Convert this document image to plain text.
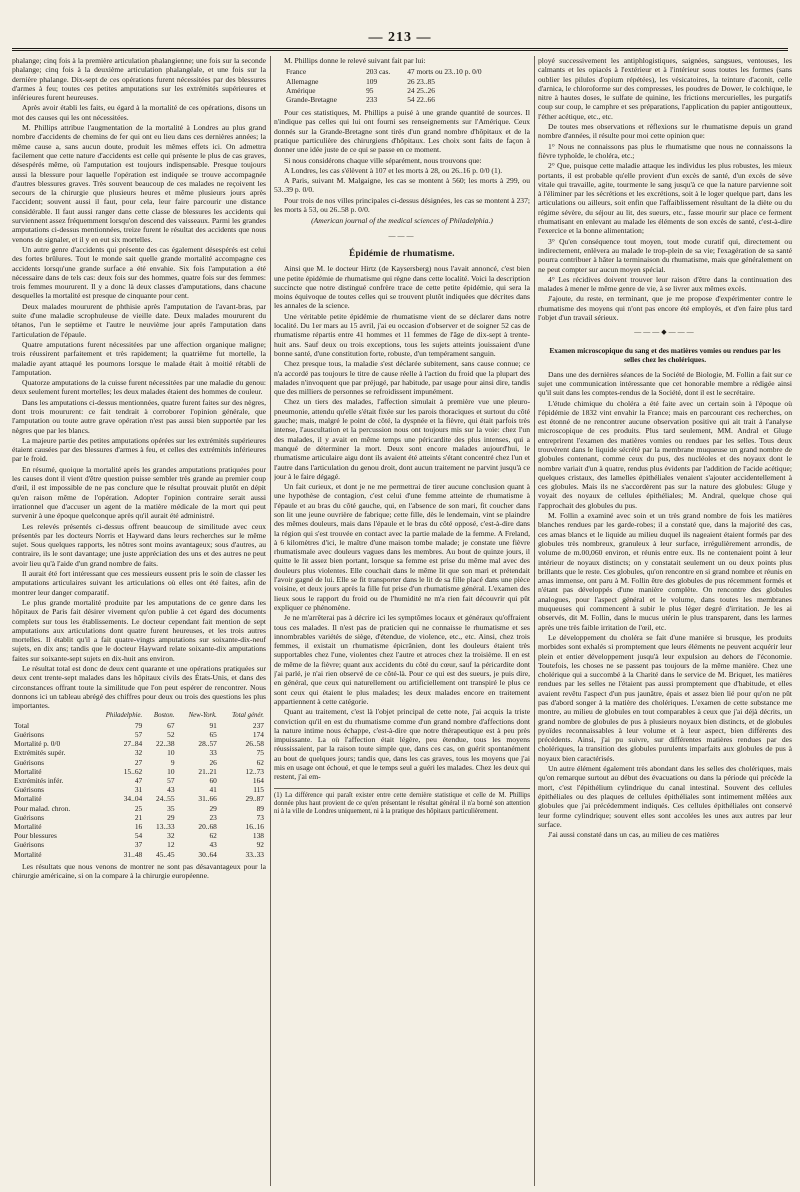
— 213 —

phalange; cinq fois à la première articulation phalangienne; une fois sur la seconde phalange; cinq fois à la deuxième articulation phalangéale, et une fois sur la dernière phalange. Dix-sept de ces opérations furent nécessitées par des blessures d'armes à feu; toutes ces petites amputations sur les extrémités supérieures et inférieures furent heureuses.

Après avoir établi les faits, eu égard à la mortalité de ces opérations, disons un mot des causes qui les ont nécessitées.

M. Phillips attribue l'augmentation de la mortalité à Londres au plus grand nombre d'accidents de chemins de fer qui ont eu lieu dans ces dernières années; la même cause a, sans aucun doute, produit les mêmes effets ici. On admettra facilement que cette nature d'accidents est celle qui présente le plus de cas graves, désespérés même, où l'amputation est toujours indispensable. Presque toujours aussi la blessure pour laquelle l'opération est indiquée se trouve accompagnée d'autres blessures graves. Très souvent beaucoup de ces malades ne reçoivent les secours de la chirurgie que plusieurs heures et même plusieurs jours après l'accident; souvent aussi il faut, pour cela, leur faire parcourir une distance considérable. Il faut aussi ranger dans cette classe de blessures les accidents qui surviennent assez fréquemment lorsqu'on descend des vaisseaux. Parmi les grandes amputations ci-dessus mentionnées, treize furent le résultat des accidents que nous venons de signaler, et il y en eut six mortelles.

Un autre genre d'accidents qui présente des cas également désespérés est celui des fortes brûlures. Tout le monde sait quelle grande mortalité accompagne ces accidents lorsqu'une grande surface a été envahie. Six fois l'amputation a été nécessaire dans de tels cas: deux fois sur des hommes, quatre fois sur des femmes: trois femmes moururent. Il y a donc là deux classes d'amputations, dans chacune desquelles la mortalité est presque de cinquante pour cent.

Deux malades moururent de phthisie après l'amputation de l'avant-bras, par suite d'une maladie scrophuleuse de vieille date. Deux malades moururent du tétanos, l'un le septième et l'autre le neuvième jour après l'amputation dans l'articulation de l'épaule.

Quatre amputations furent nécessitées par une affection organique maligne; trois réussirent parfaitement et très rapidement; la quatrième fut mortelle, la maladie ayant attaqué les poumons lorsque le malade était à moitié rétabli de l'amputation.

Quatorze amputations de la cuisse furent nécessitées par une maladie du genou: deux seulement furent mortelles; les deux malades étaient des hommes de couleur.

Dans les amputations ci-dessus mentionnées, quatre furent faites sur des nègres, dont trois moururent: ce fait tendrait à corroborer l'opinion générale, que l'amputation ou toute autre grave opération n'est pas aussi bien supportée par les nègres que par les blancs.

La majeure partie des petites amputations opérées sur les extrémités supérieures étaient causées par des blessures d'armes à feu, et celles des extrémités inférieures par le froid.

En résumé, quoique la mortalité après les grandes amputations pratiquées pour les causes dont il vient d'être question puisse sembler très grande au premier coup d'œil, il est impossible de ne pas conclure que le résultat prouvait plutôt en dépit qu'en raison même de l'opération. Adopter l'opinion contraire serait aussi irrationnel que d'accuser un agent de la matière médicale de la mort qui peut survenir à une époque quelconque après qu'il aurait été administré.

Les relevés présentés ci-dessus offrent beaucoup de similitude avec ceux présentés par les docteurs Norris et Hayward dans leurs recherches sur le même sujet. Sous quelques rapports, les nôtres sont moins avantageux; sous d'autres, au contraire, ils le sont davantage; une juste appréciation des uns et des autres ne peut avoir lieu qu'à l'aide d'un grand nombre de faits.

Il aurait été fort intéressant que ces messieurs eussent pris le soin de classer les amputations articulaires suivant les articulations où elles ont été faites, afin de montrer leur danger comparatif.

Le plus grande mortalité produite par les amputations de ce genre dans les hôpitaux de Paris fait désirer vivement qu'on publie à cet égard des documents complets sur tous les établissements. Le docteur cependant fait mention de sept amputations aux articulations dont quatre furent heureuses, et les trois autres mortelles. Il établit qu'il a fait quatre-vingts amputations sur soixante-dix-neuf sujets, en dix ans; tandis que le docteur Hayward relate soixante-dix amputations faites sur soixante-sept sujets en dix-huit ans environ.

Le résultat total est donc de deux cent quarante et une opérations pratiquées sur deux cent trente-sept malades dans les hôpitaux civils des États-Unis, et dans des circonstances offrant toute la similitude que l'on peut espérer de rencontrer. Nous donnons ici un tableau abrégé des chiffres pour deux ou trois des questions les plus importantes.

	Philadelphie.	Boston.	New-York.	Total génér.
Total	79	67	91	237
Guérisons	57	52	65	174
Mortalité p. 0/0	27..84	22..38	28..57	26..58
Extrémités supér.	32	10	33	75
Guérisons	27	9	26	62
Mortalité	15..62	10	21..21	12..73
Extrémités infér.	47	57	60	164
Guérisons	31	43	41	115
Mortalité	34..04	24..55	31..66	29..87
Pour malad. chron.	25	35	29	89
Guérisons	21	29	23	73
Mortalité	16	13..33	20..68	16..16
Pour blessures	54	32	62	138
Guérisons	37	12	43	92
Mortalité	31..48	45..45	30..64	33..33

Les résultats que nous venons de montrer ne sont pas désavantageux pour la chirurgie américaine, si on la compare à la chirurgie européenne.

M. Phillips donne le relevé suivant fait par lui:

France	203 cas.	47 morts ou 23..10 p. 0/0
Allemagne	109	26 23..85
Amérique	95	24 25..26
Grande-Bretagne	233	54 22..66

Pour ces statistiques, M. Phillips a puisé à une grande quantité de sources. Il n'indique pas celles qui lui ont fourni ses renseignements sur l'Amérique. Ceux donnés sur la Grande-Bretagne sont tirés d'un grand nombre d'hôpitaux et de la pratique particulière des chirurgiens d'hôpitaux. Les choix sont faits de façon à donner une idée juste de ce qui se passe en ce moment.

Si nous considérons chaque ville séparément, nous trouvons que:

A Londres, les cas s'élèvent à 107 et les morts à 28, ou 26..16 p. 0/0 (1).

A Paris, suivant M. Malgaigne, les cas se montent à 560; les morts à 299, ou 53..39 p. 0/0.

Pour trois de nos villes principales ci-dessus désignées, les cas se montent à 237; les morts à 53, ou 26..58 p. 0/0.

(American journal of the medical sciences of Philadelphia.)
———
Épidémie de rhumatisme.

Ainsi que M. le docteur Hirtz (de Kaysersberg) nous l'avait annoncé, c'est bien une petite épidémie de rhumatisme qui règne dans cette localité. Voici la description succincte que notre distingué confrère trace de cette petite épidémie, qui sera la moins équivoque de toutes celles qui se trouvent plutôt indiquées que décrites dans les annales de la science.

Une véritable petite épidémie de rhumatisme vient de se déclarer dans notre localité. Du 1er mars au 15 avril, j'ai eu occasion d'observer et de soigner 52 cas de rhumatisme répartis entre 41 hommes et 11 femmes de l'âge de dix-sept à trente-huit ans. Sauf deux ou trois exceptions, tous les sujets atteints jouissaient d'une bonne santé, d'une constitution forte, robuste, d'un tempérament sanguin.

Chez presque tous, la maladie s'est déclarée subitement, sans cause connue; ce n'a accordé pas toujours le titre de cause réelle à l'action du froid que la plupart des malades n'invoquent que par préjugé, par habitude, par usage pour ainsi dire, tandis que des milliers de personnes se refroidissent impunément.

Chez un tiers des malades, l'affection simulait à première vue une pleuro-pneumonie, attendu qu'elle s'était fixée sur les parois thoraciques et surtout du côté gauche; mais, malgré le point de côté, la dyspnée et la fièvre, qui était parfois très intense, l'auscultation et la percussion nous ont toujours mis sur la voie: chez l'un des malades, il y avait en même temps une péricardite des plus intenses, qui a manqué de déterminer la mort. Deux sont encore malades aujourd'hui, le rhumatisme articulaire aigu dont ils avaient été atteints s'étant concentré chez l'un et l'autre dans l'articulation du genou droit, dont aucun traitement ne parvint jusqu'à ce jour à le faire dégagé.

Un fait curieux, et dont je ne me permettrai de tirer aucune conclusion quant à une hypothèse de contagion, c'est celui d'une femme atteinte de rhumatisme à l'épaule et au bras du côté gauche, qui, en l'absence de son mari, fit coucher dans son lit une jeune ouvrière de fabrique; cette fille, dès le lendemain, vint se plaindre des mêmes douleurs, mais dans l'épaule et le bras du côté opposé, c'est-à-dire dans la région qui s'est trouvée en contact avec la partie malade de la femme. A Freland, à 6 kilomètres d'ici, le maître d'une maison tombe malade; je constate une fièvre rhumatismale avec douleurs vagues dans les membres. Au bout de quinze jours, il quitte le lit assez bien portant, lorsque sa femme est prise du même mal avec des douleurs plus violentes. Elle couchait dans le même lit que son mari et prétendait l'avoir gagné de lui. Elle se fit transporter dans le lit de sa fille placé dans une pièce voisine, et deux jours après la fille fut prise d'un rhumatisme général. L'examen des lieux sous le rapport du froid ou de l'humidité ne m'a rien fait découvrir qui pût expliquer ce phénomène.

Je ne m'arrêterai pas à décrire ici les symptômes locaux et généraux qu'offraient tous ces malades. Il n'est pas de praticien qui ne connaisse le rhumatisme et ses innombrables variétés de siège, d'étendue, de violence, etc., etc. Ainsi, chez trois femmes, il existait un rhumatisme épicrânien, dont les douleurs étaient très supportables chez l'une, violentes chez l'autre et atroces chez la troisième. Il en est de même de la fièvre; quant aux accidents du côté du cœur, sauf la péricardite dont j'ai parlé, je n'ai rien observé de ce côté-là. Pour ce qui est des sueurs, je puis dire, en général, que ceux qui naturellement ou artificiellement ont transpiré le plus ce sont ceux qui étaient le plus malades; les deux malades encore en traitement appartiennent à cette catégorie.

Quant au traitement, c'est là l'objet principal de cette note, j'ai acquis la triste conviction qu'il en est du rhumatisme comme d'un grand nombre d'affections dont la nature intime nous échappe, c'est-à-dire que notre thérapeutique est à peu près impuissante. La où l'affection était légère, peu étendue, tous les moyens réussissaient, par la raison toute simple que, dans ces cas, on guérit spontanément au bout de quelques jours; tandis que, dans les cas graves, tous les moyens que j'ai mis en usage ont échoué, et que le temps seul a guéri les malades. Chez les deux qui restent, j'ai em-

(1) La différence qui paraît exister entre cette dernière statistique et celle de M. Phillips donnée plus haut provient de ce qu'en présentant le résultat général il n'a borné son attention ni à la ville de Londres uniquement, ni à la pratique des hôpitaux particulièrement.

ployé successivement les antiphlogistiques, saignées, sangsues, ventouses, les calmants et les opiacés à l'extérieur et à l'intérieur sous toutes les formes (sans oublier les pilules d'opium répétées), les vésicatoires, la teinture d'aconit, celle d'arnica, le chloroforme sur des compresses, les poudres de Dower, le colchique, le nitre à hautes doses, le sulfate de quinine, les frictions mercurielles, les purgatifs coup sur coup, le camphre et ses préparations, l'application du papier antigoutteux, l'éther acétique, etc., etc.

De toutes mes observations et réflexions sur le rhumatisme depuis un grand nombre d'années, il résulte pour moi cette opinion que:

1° Nous ne connaissons pas plus le rhumatisme que nous ne connaissons la fièvre typhoïde, le choléra, etc.;

2° Que, puisque cette maladie attaque les individus les plus robustes, les mieux portants, il est probable qu'elle provient d'un excès de santé, d'un excès de sève vitale qui travaille, agite, tourmente le sang jusqu'à ce que la nature parvienne soit à l'éliminer par les sécrétions et les excrétions, soit à le loger quelque part, dans les articulations ou ailleurs, soit enfin que l'affaiblissement résultant de la diète ou du régime sévère, du séjour au lit, des sueurs, etc., fasse mourir sur place ce ferment rhumatisant en enlevant au malade les éléments de son excès de santé, c'est-à-dire l'exercice et la bonne alimentation;

3° Qu'en conséquence tout moyen, tout mode curatif qui, directement ou indirectement, enlèvera au malade le trop-plein de sa vie; l'exagération de sa santé pourra contribuer à hâter la terminaison du rhumatisme, mais que généralement on ne peut compter sur aucun moyen spécial.

4° Les récidives doivent trouver leur raison d'être dans la continuation des malades à mener le même genre de vie, à se livrer aux mêmes excès.

J'ajoute, du reste, en terminant, que je me propose d'expérimenter contre le rhumatisme des moyens qui n'ont pas encore été employés, et d'en faire plus tard l'objet d'un travail sérieux.

———◆———
Examen microscopique du sang et des matières vomies ou rendues par les selles chez les cholériques.

Dans une des dernières séances de la Société de Biologie, M. Follin a fait sur ce sujet une communication intéressante que cet honorable membre a rédigée ainsi qu'il suit dans les comptes-rendus de la Société, dont il est le secrétaire.

L'étude chimique du choléra a été faite avec un certain soin à l'époque où l'épidémie de 1832 vint envahir la France; mais en parcourant ces recherches, on est étonné de ne rencontrer aucune observation positive qui ait trait à l'analyse microscopique de ces produits. Plus tard seulement, MM. Andral et Gluge entreprirent l'examen des matières vomies ou rendues par les selles. Tous deux trouvèrent dans le liquide sécrété par la membrane muqueuse un grand nombre de globules contenant, comme ceux du pus, des nucléoles et des noyaux dont le nombre variait d'un à quatre, rendus plus évidents par l'addition de l'acide acétique; quelques cristaux, des lamelles épithéliales venaient s'ajouter accidentellement à ces globules. Mais ils ne s'accordèrent pas sur la nature des globules: Gluge y voyait des noyaux de cellules épithéliales; M. Andral, quelque chose qui l'approchait des globules du pus.

M. Follin a examiné avec soin et un très grand nombre de fois les matières blanches rendues par les garde-robes; il a constaté que, dans la majorité des cas, ces amas blancs et le liquide au milieu duquel ils nageaient étaient formés par des globules très nombreux, granuleux à leur surface, irrégulièrement arrondis, de volume de m.00,060 environ, et réunis entre eux. Ils ne contenaient point à leur intérieur de noyaux distincts; on y constatait seulement un ou deux points plus brillants que le reste. Ces globules, qu'on rencontre en si grand nombre et réunis en amas immense, ont paru à M. Follin être des globules de pus récemment formés et n'étant pas développés d'une manière complète. On rencontre des globules analogues, pour l'aspect général et le volume, dans toutes les membranes muqueuses qui commencent à subir le plus léger degré d'irritation. Je les ai observés, dit M. Follin, dans le mucus utérin le plus transparent, dans les larmes après une très faible irritation de l'œil, etc.

Le développement du choléra se fait d'une manière si brusque, les produits morbides sont exhalés si promptement que leurs éléments ne peuvent acquérir leur plein et entier développement jusqu'à leur expulsion au dehors de l'économie. Toutefois, les choses ne se passent pas toujours de la même manière. Chez une cholérique qui a succombé à la Charité dans le service de M. Briquet, les matières rendues par les selles ne l'étaient pas aussi promptement que d'habitude, et elles avaient revêtu l'aspect d'un pus jaunâtre, épais et assez bien lié pour qu'on ne pût pas d'abord songer à la matière des cholériques. L'examen de cette substance me montre, au milieu de globules en tout comparables à ceux que j'ai déjà décrits, un grand nombre de globules de pus à plusieurs noyaux bien distincts, et de globules pyoïdes reconnaissables à leur volume et à leur aspect, bien différents des précédents. Ainsi, j'ai pu suivre, sur différentes matières rendues par des cholériques, la transition des globules purulents imparfaits aux globules de pus à noyaux bien caractérisés.

Un autre élément également très abondant dans les selles des cholériques, mais qu'on remarque surtout au début des évacuations ou dans la période qui précède la mort, c'est l'épithélium cylindrique du canal intestinal. Souvent des cellules épithéliales ou des plaques de cellules épithéliales sont intimement mêlées aux globules que j'ai précédemment indiqués. Ces cellules épithéliales ont conservé leur forme cylindrique; souvent elles sont accolées les unes aux autres par leur surface.

J'ai aussi constaté dans un cas, au milieu de ces matières
